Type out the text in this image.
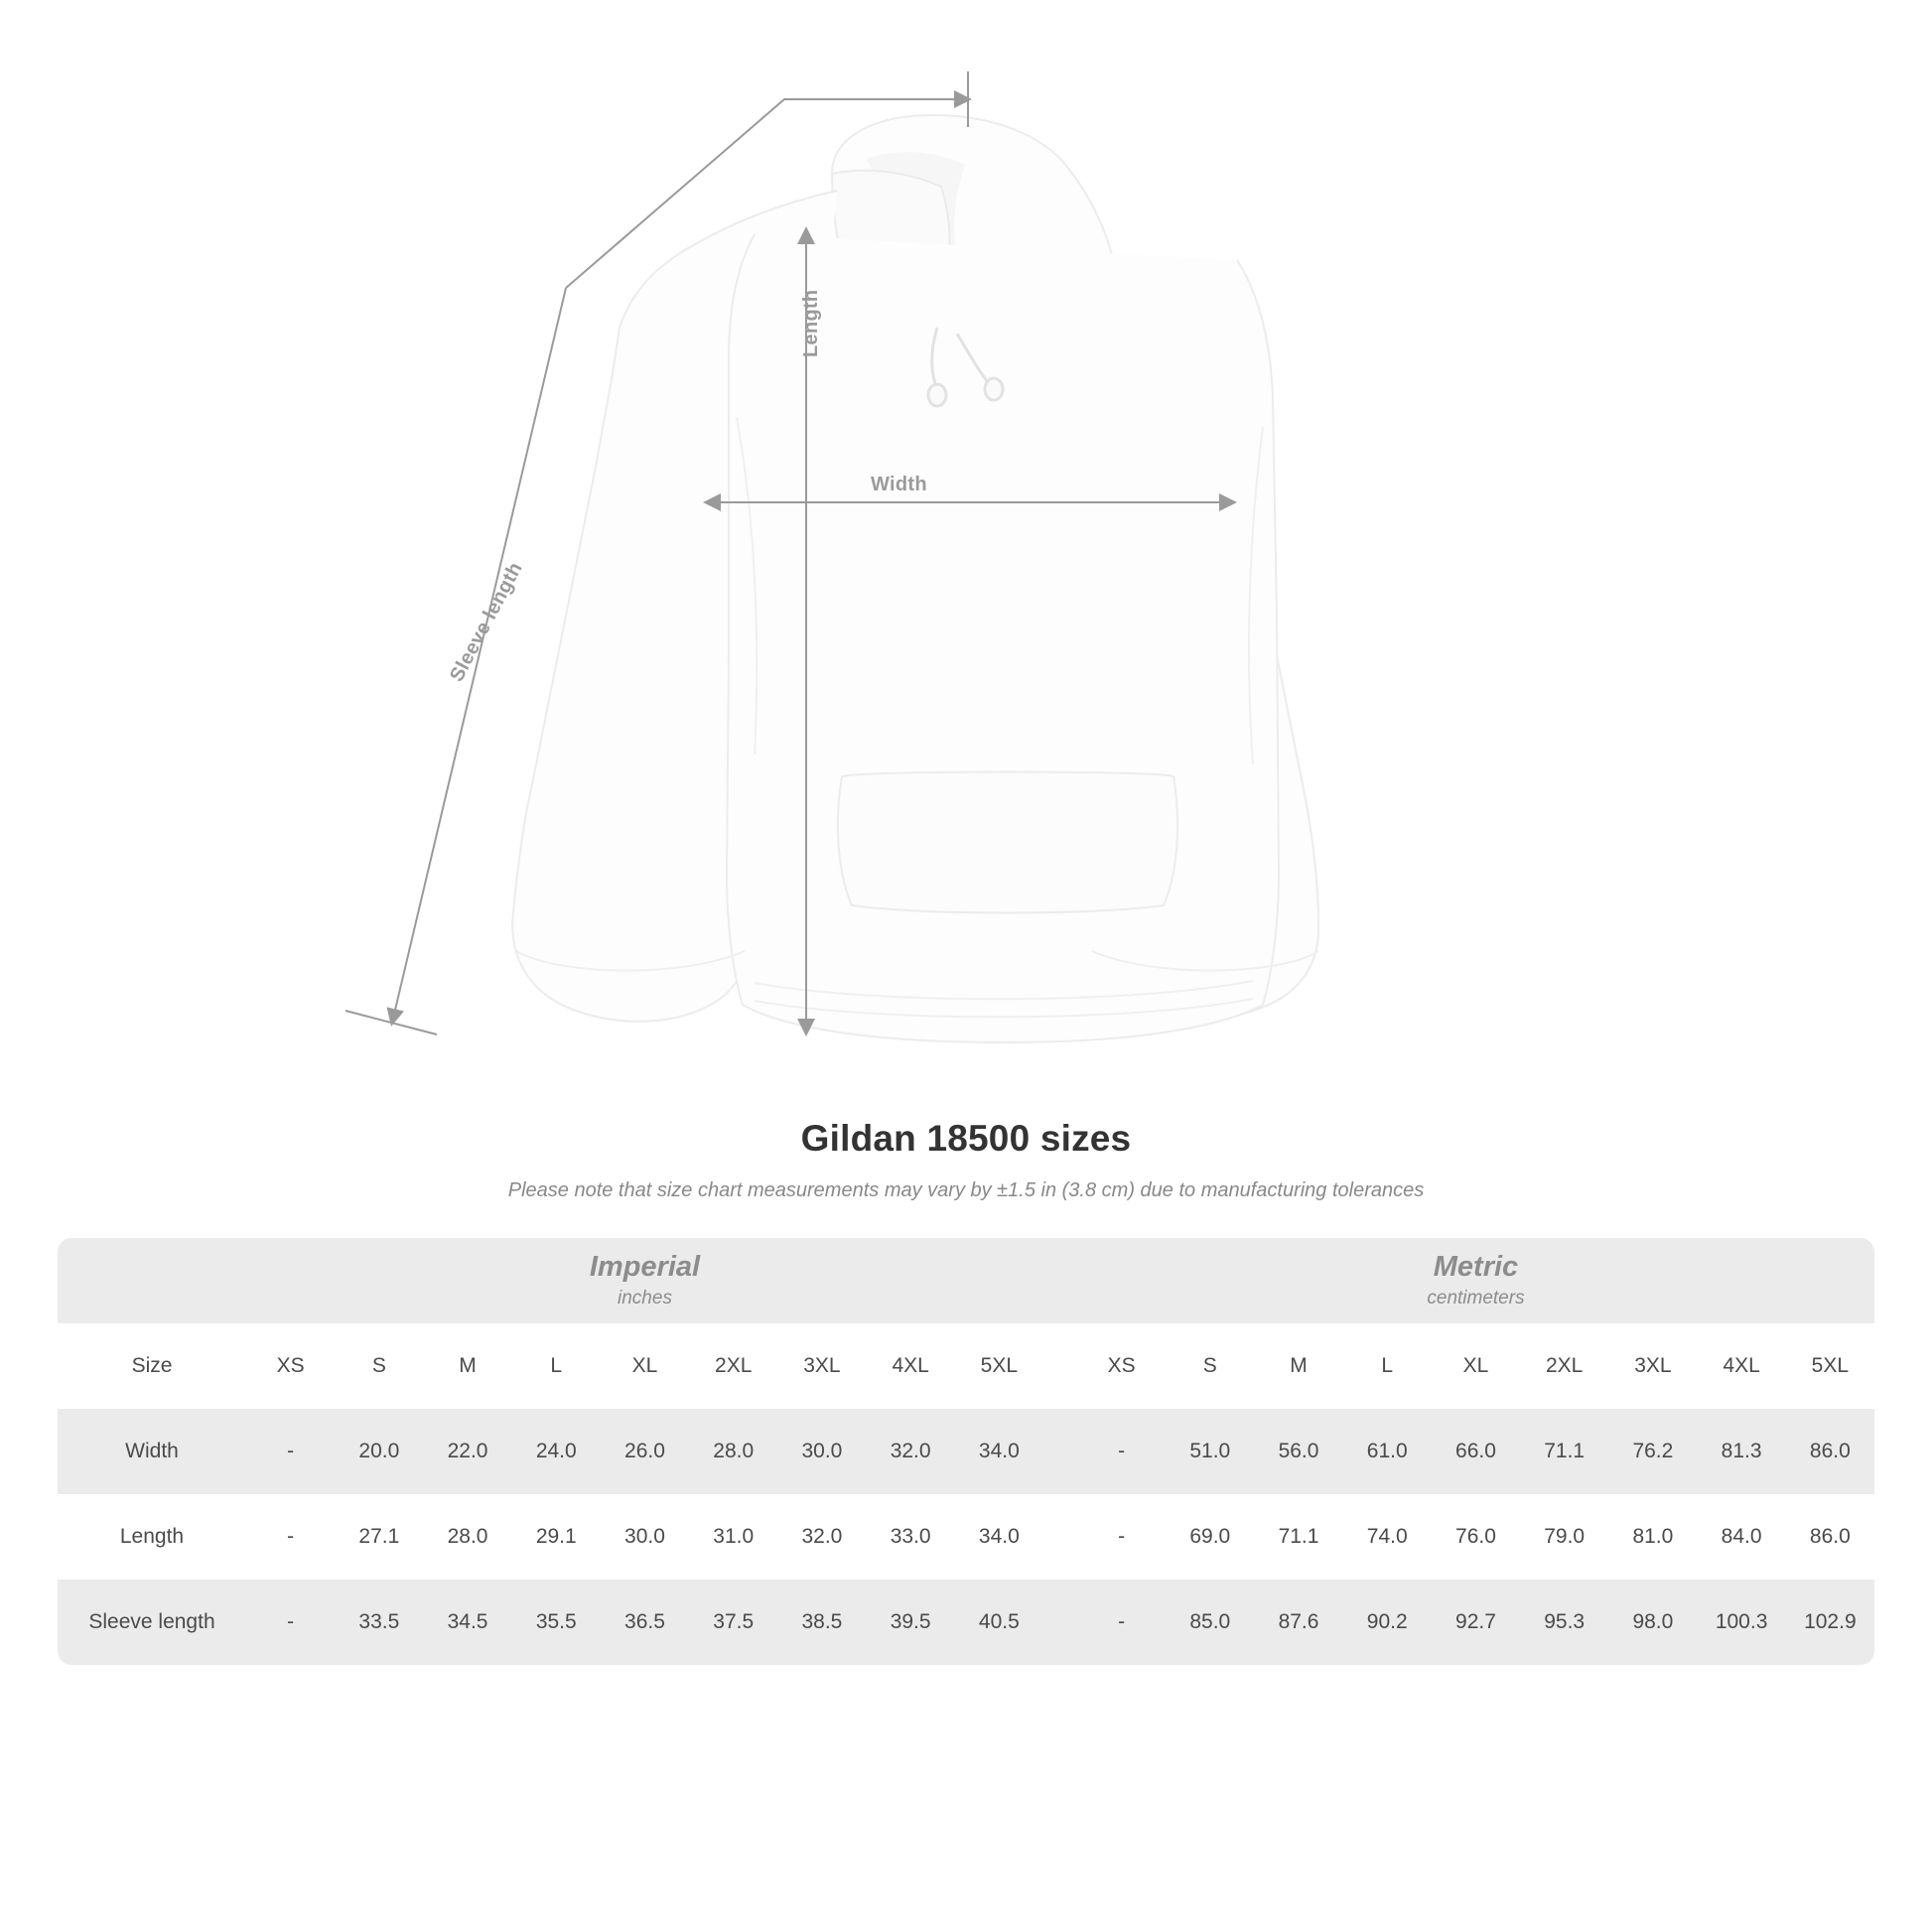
Length
Width
Sleeve length
Gildan 18500 sizes
Please note that size chart measurements may vary by ±1.5 in (3.8 cm) due to manufacturing tolerances

Imperial
inches

Metric
centimeters

Size	XS	S	M	L	XL	2XL	3XL	4XL	5XL		XS	S	M	L	XL	2XL	3XL	4XL	5XL
Width	-	20.0	22.0	24.0	26.0	28.0	30.0	32.0	34.0		-	51.0	56.0	61.0	66.0	71.1	76.2	81.3	86.0
Length	-	27.1	28.0	29.1	30.0	31.0	32.0	33.0	34.0		-	69.0	71.1	74.0	76.0	79.0	81.0	84.0	86.0
Sleeve length	-	33.5	34.5	35.5	36.5	37.5	38.5	39.5	40.5		-	85.0	87.6	90.2	92.7	95.3	98.0	100.3	102.9
